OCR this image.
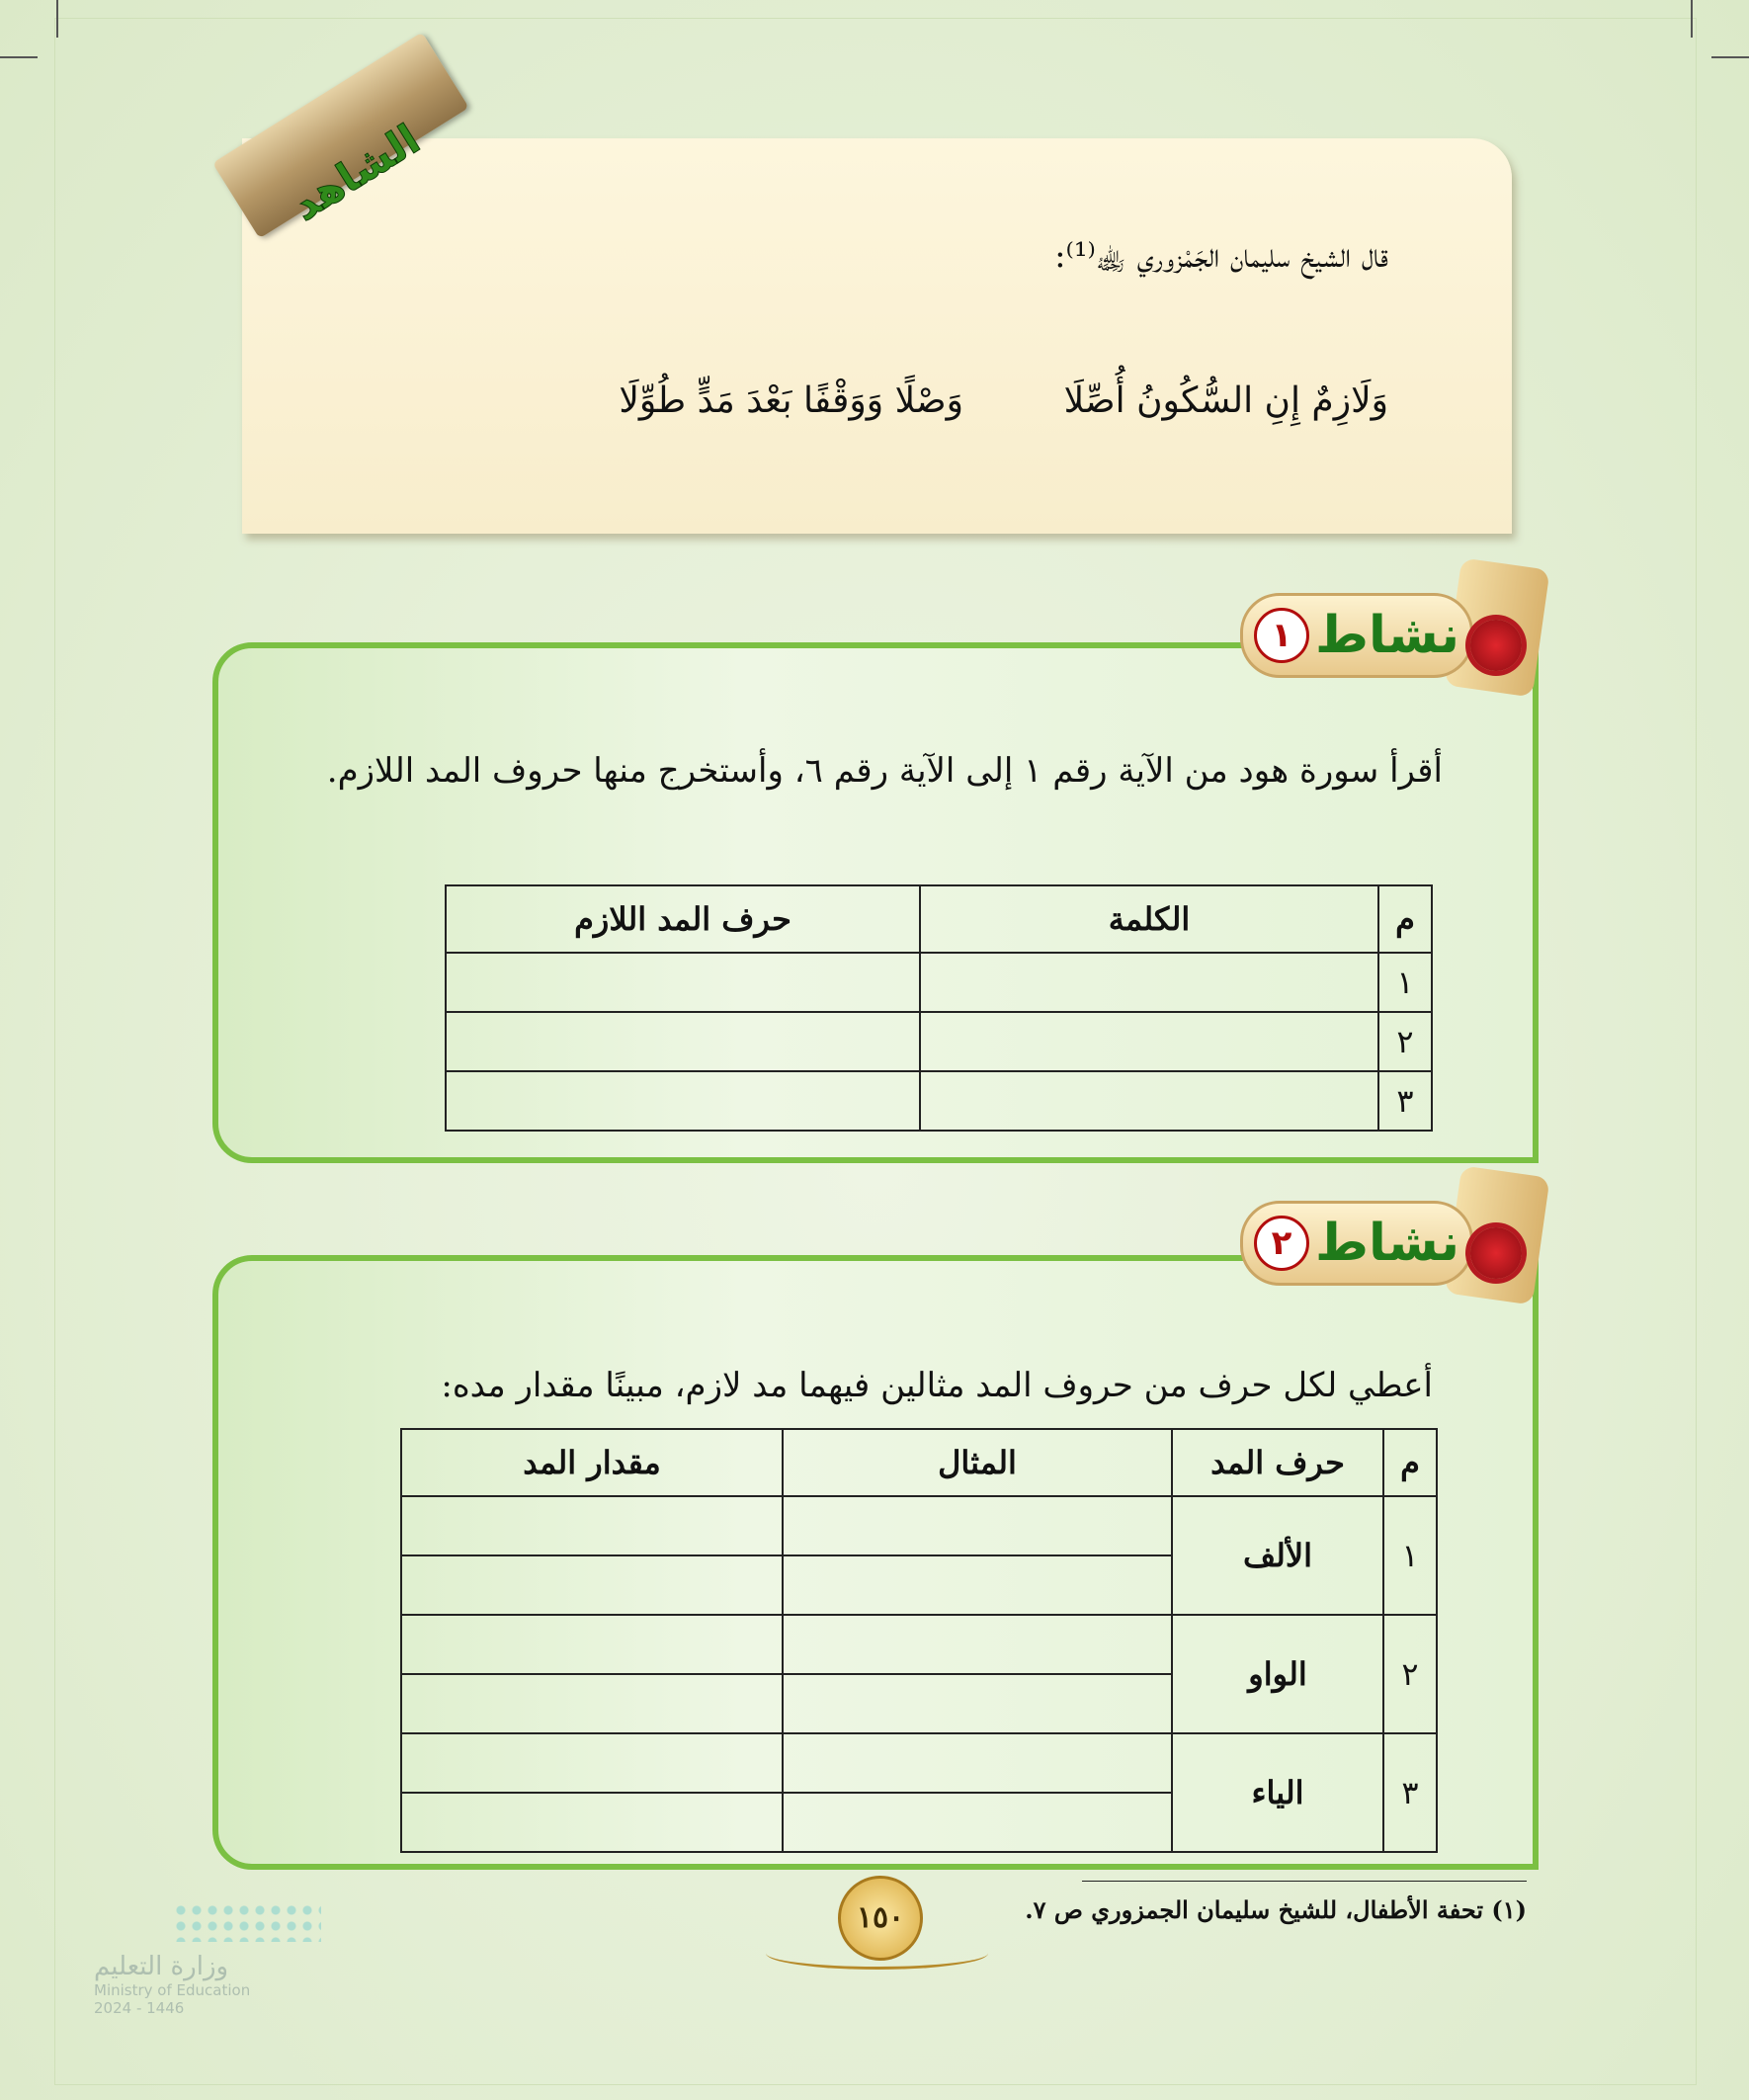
الشاهد
قال الشيخ سليمان الجَمْزوري ﵀⁽¹⁾:
وَلَازِمٌ إِنِ السُّكُونُ أُصِّلَا
وَصْلًا وَوَقْفًا بَعْدَ مَدٍّ طُوِّلَا
نشاط
١
أقرأ سورة هود من الآية رقم ١ إلى الآية رقم ٦، وأستخرج منها حروف المد اللازم.
م	الكلمة	حرف المد اللازم
١		
٢		
٣		
نشاط
٢
أعطي لكل حرف من حروف المد مثالين فيهما مد لازم، مبينًا مقدار مده:
م	حرف المد	المثال	مقدار المد
١	الألف		

٢	الواو		

٣	الياء		

(١) تحفة الأطفال، للشيخ سليمان الجمزوري ص ٧.
١٥٠
وزارة التعليم
Ministry of Education
2024 - 1446
